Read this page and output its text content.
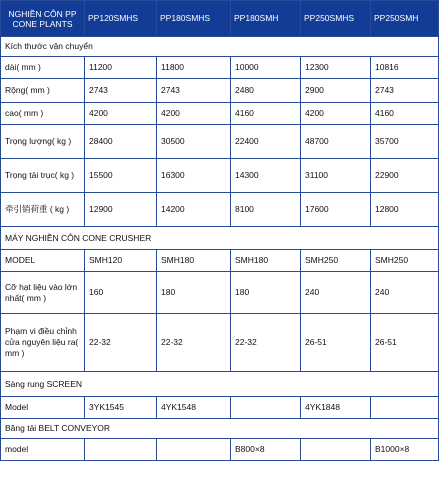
NGHIỀN CÔN PP CONE PLANTS	PP120SMHS	PP180SMHS	PP180SMH	PP250SMHS	PP250SMH
Kích thước vận chuyển					
dài( mm )	11200	11800	10000	12300	10816
Rộng( mm )	2743	2743	2480	2900	2743
cao( mm )	4200	4200	4160	4200	4160
Trọng lượng( kg )	28400	30500	22400	48700	35700
Trọng tải trục( kg )	15500	16300	14300	31100	22900
牵引销荷重 ( kg )	12900	14200	8100	17600	12800
MÁY NGHIỀN CÔN CONE CRUSHER					
MODEL	SMH120	SMH180	SMH180	SMH250	SMH250
Cỡ hạt liệu vào lớn nhất( mm )	160	180	180	240	240
Phạm vi điều chỉnh cửa nguyên liệu ra( mm )	22-32	22-32	22-32	26-51	26-51
Sàng rung SCREEN					
Model	3YK1545	4YK1548		4YK1848	
Băng tải BELT CONVEYOR					
model			B800×8		B1000×8
